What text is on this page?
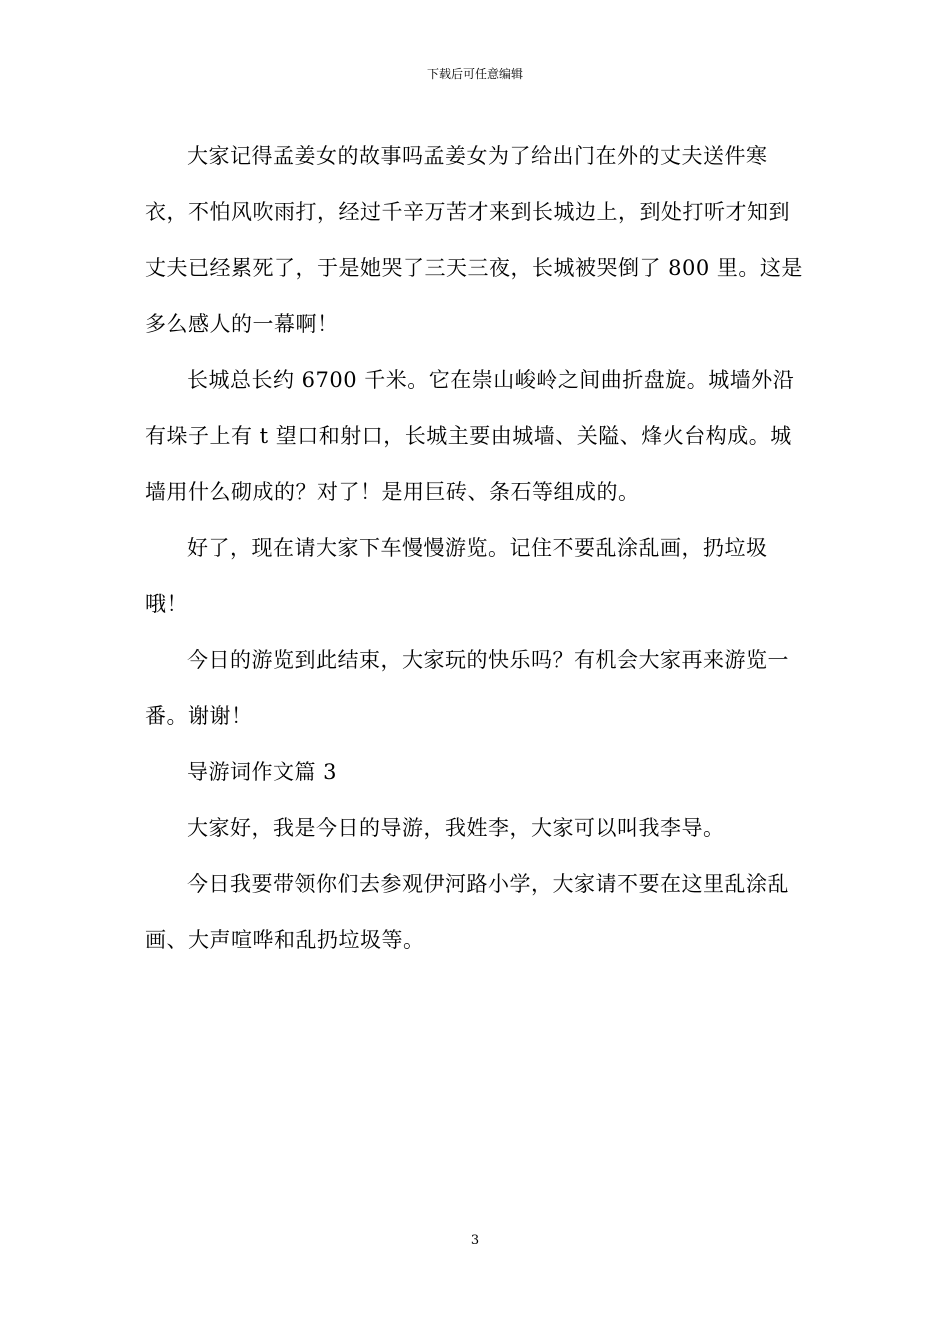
下载后可任意编辑

大家记得孟姜女的故事吗孟姜女为了给出门在外的丈夫送件寒衣，不怕风吹雨打，经过千辛万苦才来到长城边上，到处打听才知到丈夫已经累死了，于是她哭了三天三夜，长城被哭倒了 800 里。这是多么感人的一幕啊！

长城总长约 6700 千米。它在崇山峻岭之间曲折盘旋。城墙外沿有垛子上有 t 望口和射口，长城主要由城墙、关隘、烽火台构成。城墙用什么砌成的？对了！是用巨砖、条石等组成的。

好了，现在请大家下车慢慢游览。记住不要乱涂乱画，扔垃圾哦！

今日的游览到此结束，大家玩的快乐吗？有机会大家再来游览一番。谢谢！

导游词作文篇 3

大家好，我是今日的导游，我姓李，大家可以叫我李导。

今日我要带领你们去参观伊河路小学，大家请不要在这里乱涂乱画、大声喧哗和乱扔垃圾等。

3
